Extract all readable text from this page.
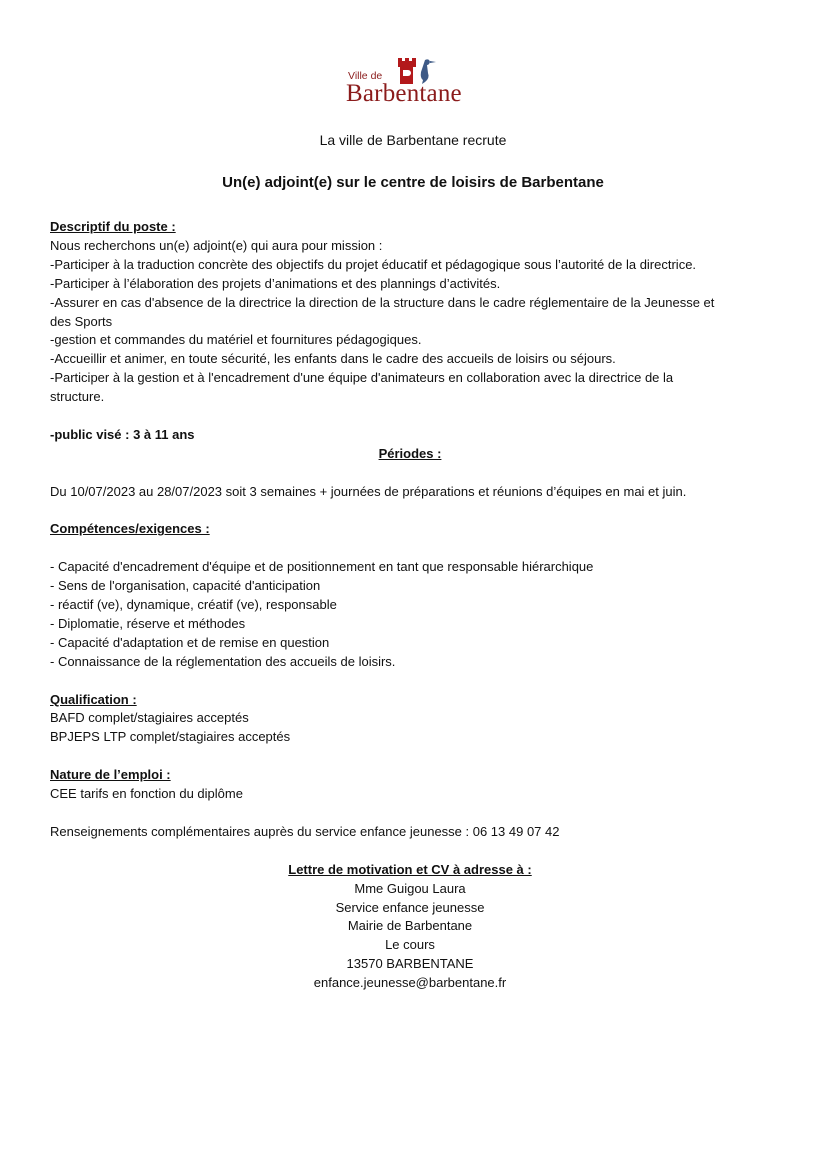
Ville de
Barbentane
La ville de Barbentane recrute
Un(e) adjoint(e) sur le centre de loisirs de Barbentane

Descriptif du poste :

Nous recherchons un(e) adjoint(e) qui aura pour mission :

-Participer à la traduction concrète des objectifs du projet éducatif et pédagogique sous l’autorité de la directrice.

-Participer à l’élaboration des projets d’animations et des plannings d’activités.

-Assurer en cas d'absence de la directrice la direction de la structure dans le cadre réglementaire de la Jeunesse et

des Sports

-gestion et commandes du matériel et fournitures pédagogiques.

-Accueillir et animer, en toute sécurité, les enfants dans le cadre des accueils de loisirs ou séjours.

-Participer à la gestion et à l'encadrement d'une équipe d'animateurs en collaboration avec la directrice de la

structure.

-public visé : 3 à 11 ans

Périodes :

Du 10/07/2023 au 28/07/2023 soit 3 semaines + journées de préparations et réunions d’équipes en mai et juin.

Compétences/exigences :

- Capacité d'encadrement d'équipe et de positionnement en tant que responsable hiérarchique

- Sens de l'organisation, capacité d'anticipation

- réactif (ve), dynamique, créatif (ve), responsable

- Diplomatie, réserve et méthodes

- Capacité d'adaptation et de remise en question

- Connaissance de la réglementation des accueils de loisirs.

Qualification :

BAFD complet/stagiaires acceptés

BPJEPS LTP complet/stagiaires acceptés

Nature de l’emploi :

CEE tarifs en fonction du diplôme

Renseignements complémentaires auprès du service enfance jeunesse : 06 13 49 07 42

Lettre de motivation et CV à adresse à :

Mme Guigou Laura

Service enfance jeunesse

Mairie de Barbentane

Le cours

13570 BARBENTANE

enfance.jeunesse@barbentane.fr
